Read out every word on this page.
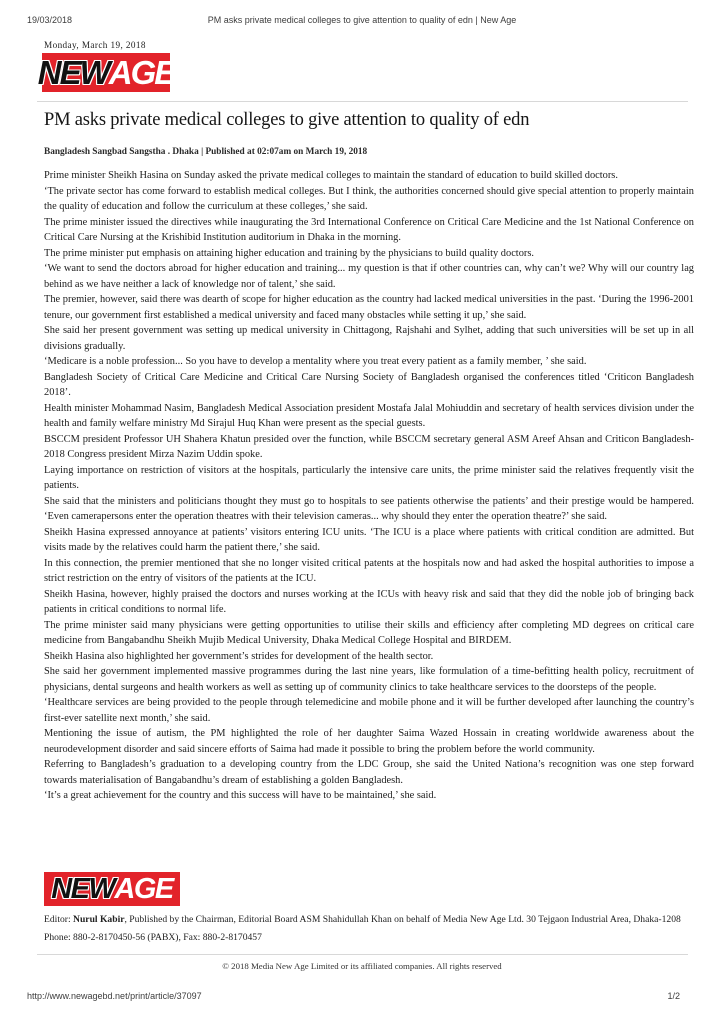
19/03/2018	PM asks private medical colleges to give attention to quality of edn | New Age
Monday, March 19, 2018
NEW AGE
PM asks private medical colleges to give attention to quality of edn
Bangladesh Sangbad Sangstha . Dhaka | Published at 02:07am on March 19, 2018

Prime minister Sheikh Hasina on Sunday asked the private medical colleges to maintain the standard of education to build skilled doctors.

‘The private sector has come forward to establish medical colleges. But I think, the authorities concerned should give special attention to properly maintain the quality of education and follow the curriculum at these colleges,’ she said.

The prime minister issued the directives while inaugurating the 3rd International Conference on Critical Care Medicine and the 1st National Conference on Critical Care Nursing at the Krishibid Institution auditorium in Dhaka in the morning.

The prime minister put emphasis on attaining higher education and training by the physicians to build quality doctors.

‘We want to send the doctors abroad for higher education and training... my question is that if other countries can, why can’t we? Why will our country lag behind as we have neither a lack of knowledge nor of talent,’ she said.

The premier, however, said there was dearth of scope for higher education as the country had lacked medical universities in the past. ‘During the 1996-2001 tenure, our government first established a medical university and faced many obstacles while setting it up,’ she said.

She said her present government was setting up medical university in Chittagong, Rajshahi and Sylhet, adding that such universities will be set up in all divisions gradually.

‘Medicare is a noble profession... So you have to develop a mentality where you treat every patient as a family member, ’ she said.

Bangladesh Society of Critical Care Medicine and Critical Care Nursing Society of Bangladesh organised the conferences titled ‘Criticon Bangladesh 2018’.

Health minister Mohammad Nasim, Bangladesh Medical Association president Mostafa Jalal Mohiuddin and secretary of health services division under the health and family welfare ministry Md Sirajul Huq Khan were present as the special guests.

BSCCM president Professor UH Shahera Khatun presided over the function, while BSCCM secretary general ASM Areef Ahsan and Criticon Bangladesh-2018 Congress president Mirza Nazim Uddin spoke.

Laying importance on restriction of visitors at the hospitals, particularly the intensive care units, the prime minister said the relatives frequently visit the patients.

She said that the ministers and politicians thought they must go to hospitals to see patients otherwise the patients’ and their prestige would be hampered. ‘Even camerapersons enter the operation theatres with their television cameras... why should they enter the operation theatre?’ she said.

Sheikh Hasina expressed annoyance at patients’ visitors entering ICU units. ‘The ICU is a place where patients with critical condition are admitted. But visits made by the relatives could harm the patient there,’ she said.

In this connection, the premier mentioned that she no longer visited critical patents at the hospitals now and had asked the hospital authorities to impose a strict restriction on the entry of visitors of the patients at the ICU.

Sheikh Hasina, however, highly praised the doctors and nurses working at the ICUs with heavy risk and said that they did the noble job of bringing back patients in critical conditions to normal life.

The prime minister said many physicians were getting opportunities to utilise their skills and efficiency after completing MD degrees on critical care medicine from Bangabandhu Sheikh Mujib Medical University, Dhaka Medical College Hospital and BIRDEM.

Sheikh Hasina also highlighted her government’s strides for development of the health sector.

She said her government implemented massive programmes during the last nine years, like formulation of a time-befitting health policy, recruitment of physicians, dental surgeons and health workers as well as setting up of community clinics to take healthcare services to the doorsteps of the people.

‘Healthcare services are being provided to the people through telemedicine and mobile phone and it will be further developed after launching the country’s first-ever satellite next month,’ she said.

Mentioning the issue of autism, the PM highlighted the role of her daughter Saima Wazed Hossain in creating worldwide awareness about the neurodevelopment disorder and said sincere efforts of Saima had made it possible to bring the problem before the world community.

Referring to Bangladesh’s graduation to a developing country from the LDC Group, she said the United Nationa’s recognition was one step forward towards materialisation of Bangabandhu’s dream of establishing a golden Bangladesh.

‘It’s a great achievement for the country and this success will have to be maintained,’ she said.

NEW AGE
Editor: Nurul Kabir, Published by the Chairman, Editorial Board ASM Shahidullah Khan on behalf of Media New Age Ltd. 30 Tejgaon Industrial Area, Dhaka-1208
Phone: 880-2-8170450-56 (PABX), Fax: 880-2-8170457
© 2018 Media New Age Limited or its affiliated companies. All rights reserved
http://www.newagebd.net/print/article/37097	1/2
